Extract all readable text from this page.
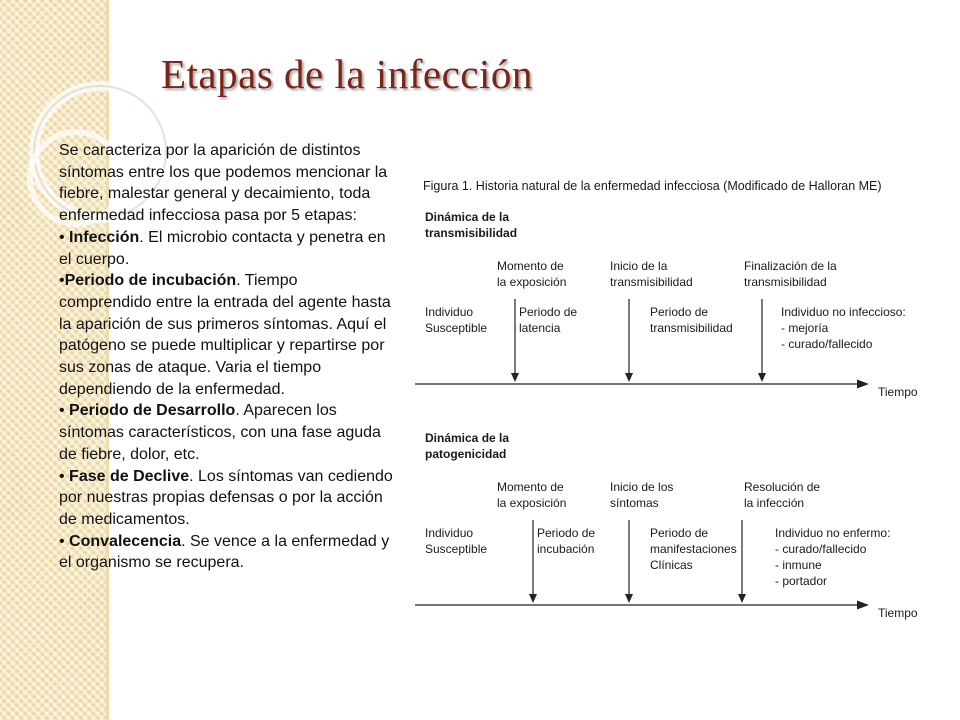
Etapas de la infección

Se caracteriza por la aparición de distintos síntomas entre los que podemos mencionar la fiebre, malestar general y decaimiento, toda enfermedad infecciosa pasa por 5 etapas:

• Infección. El microbio contacta y penetra en el cuerpo.

•Periodo de incubación. Tiempo comprendido entre la entrada del agente hasta la aparición de sus primeros síntomas. Aquí el patógeno se puede multiplicar y repartirse por sus zonas de ataque. Varia el tiempo dependiendo de la enfermedad.

• Periodo de Desarrollo. Aparecen los síntomas característicos, con una fase aguda de fiebre, dolor, etc.

• Fase de Declive. Los síntomas van cediendo por nuestras propias defensas o por la acción de medicamentos.

• Convalecencia. Se vence a la enfermedad y el organismo se recupera.

Figura 1. Historia natural de la enfermedad infecciosa (Modificado de Halloran ME)
Dinámica de la
transmisibilidad
Momento de
la exposición
Inicio de la
transmisibilidad
Finalización de la
transmisibilidad
Individuo
Susceptible
Periodo de
latencia
Periodo de
transmisibilidad
Individuo no infeccioso:
- mejoría
- curado/fallecido
Tiempo
Dinámica de la
patogenicidad
Momento de
la exposición
Inicio de los
síntomas
Resolución de
la infección
Individuo
Susceptible
Periodo de
incubación
Periodo de
manifestaciones
Clínicas
Individuo no enfermo:
- curado/fallecido
- inmune
- portador
Tiempo
